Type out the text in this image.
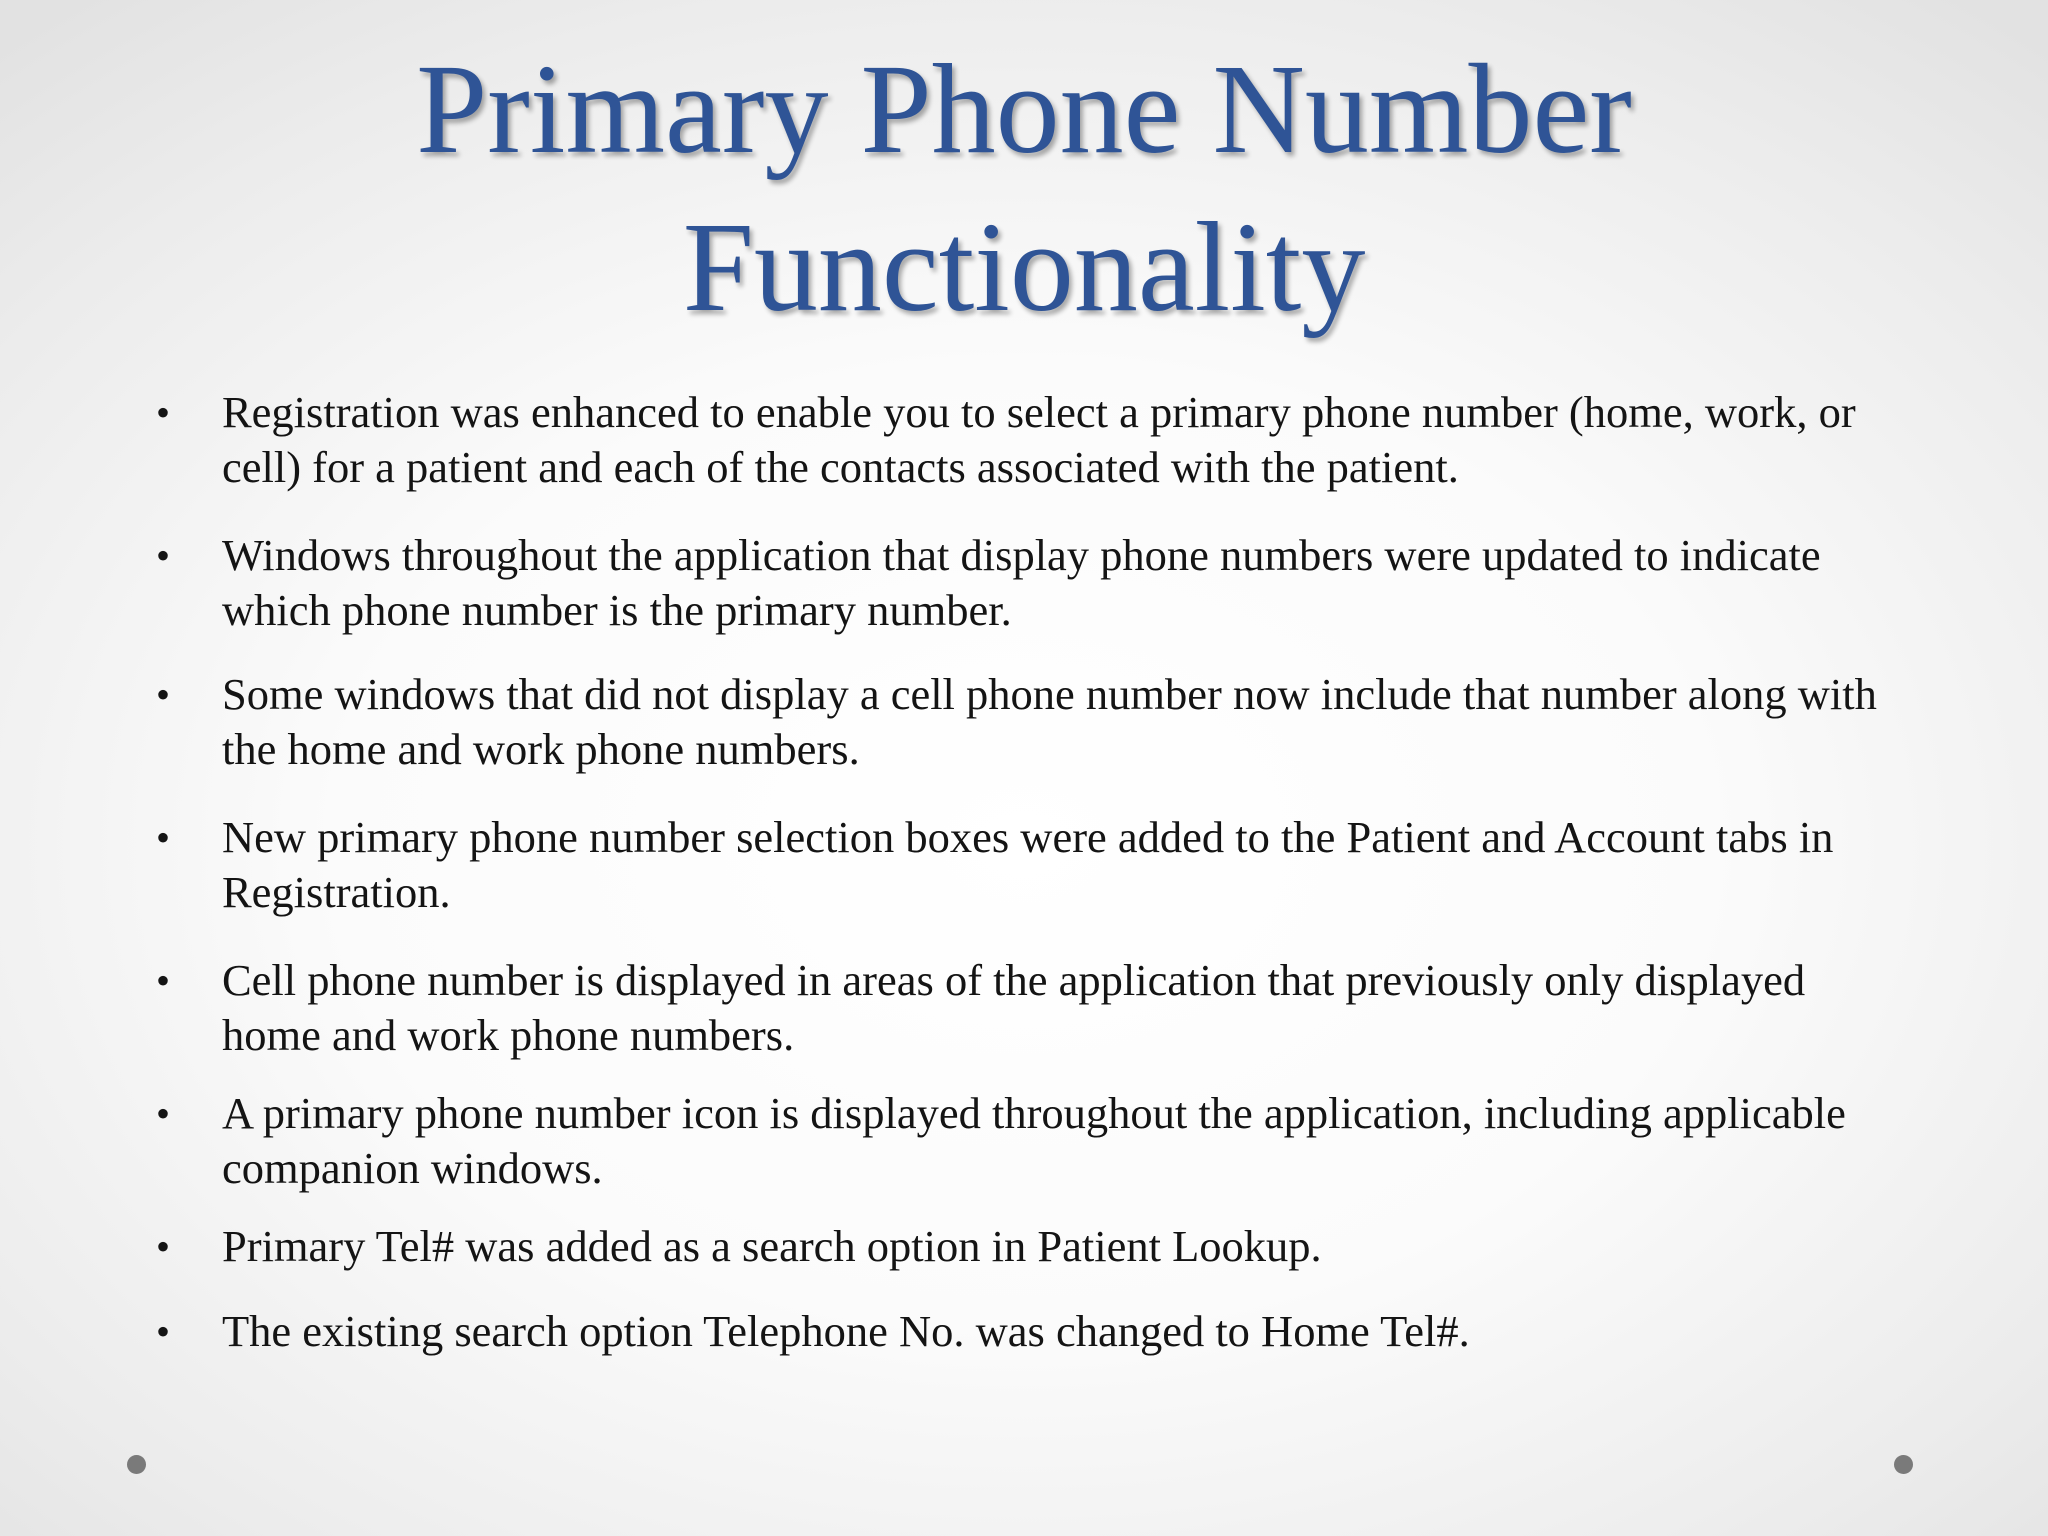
Primary Phone Number
Functionality
• Registration was enhanced to enable you to select a primary phone number (home, work, or cell) for a patient and each of the contacts associated with the patient.
• Windows throughout the application that display phone numbers were updated to indicate which phone number is the primary number.
• Some windows that did not display a cell phone number now include that number along with the home and work phone numbers.
• New primary phone number selection boxes were added to the Patient and Account tabs in Registration.
• Cell phone number is displayed in areas of the application that previously only displayed home and work phone numbers.
• A primary phone number icon is displayed throughout the application, including applicable companion windows.
• Primary Tel# was added as a search option in Patient Lookup.
• The existing search option Telephone No. was changed to Home Tel#.
